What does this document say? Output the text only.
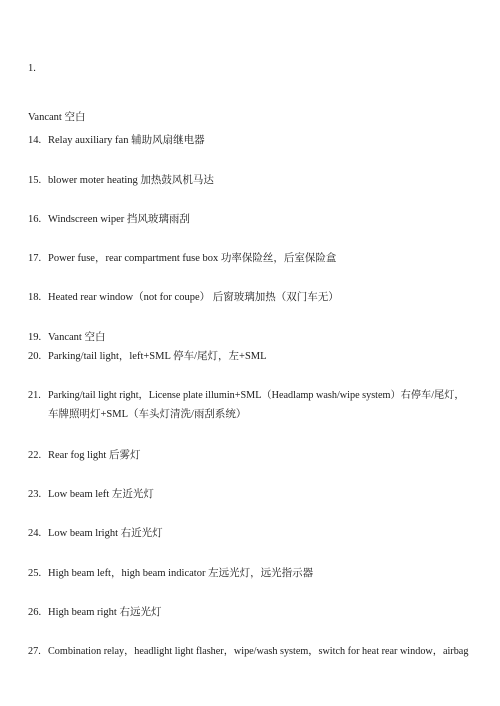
1.
Vancant 空白
14. Relay auxiliary fan 辅助风扇继电器
15. blower moter heating 加热鼓风机马达
16. Windscreen wiper 挡风玻璃雨刮
17. Power fuse，rear compartment fuse box 功率保险丝，后室保险盒
18. Heated rear window（not for coupe） 后窗玻璃加热（双门车无）
19. Vancant 空白
20. Parking/tail light，left+SML 停车/尾灯，左+SML
21. Parking/tail light right，License plate illumin+SML（Headlamp wash/wipe system）右停车/尾灯，
车牌照明灯+SML（车头灯清洗/雨刮系统）
22. Rear fog light 后雾灯
23. Low beam left 左近光灯
24. Low beam lright 右近光灯
25. High beam left，high beam indicator 左远光灯，远光指示器
26. High beam right 右远光灯
27. Combination relay，headlight light flasher，wipe/wash system，switch for heat rear window，airbag
